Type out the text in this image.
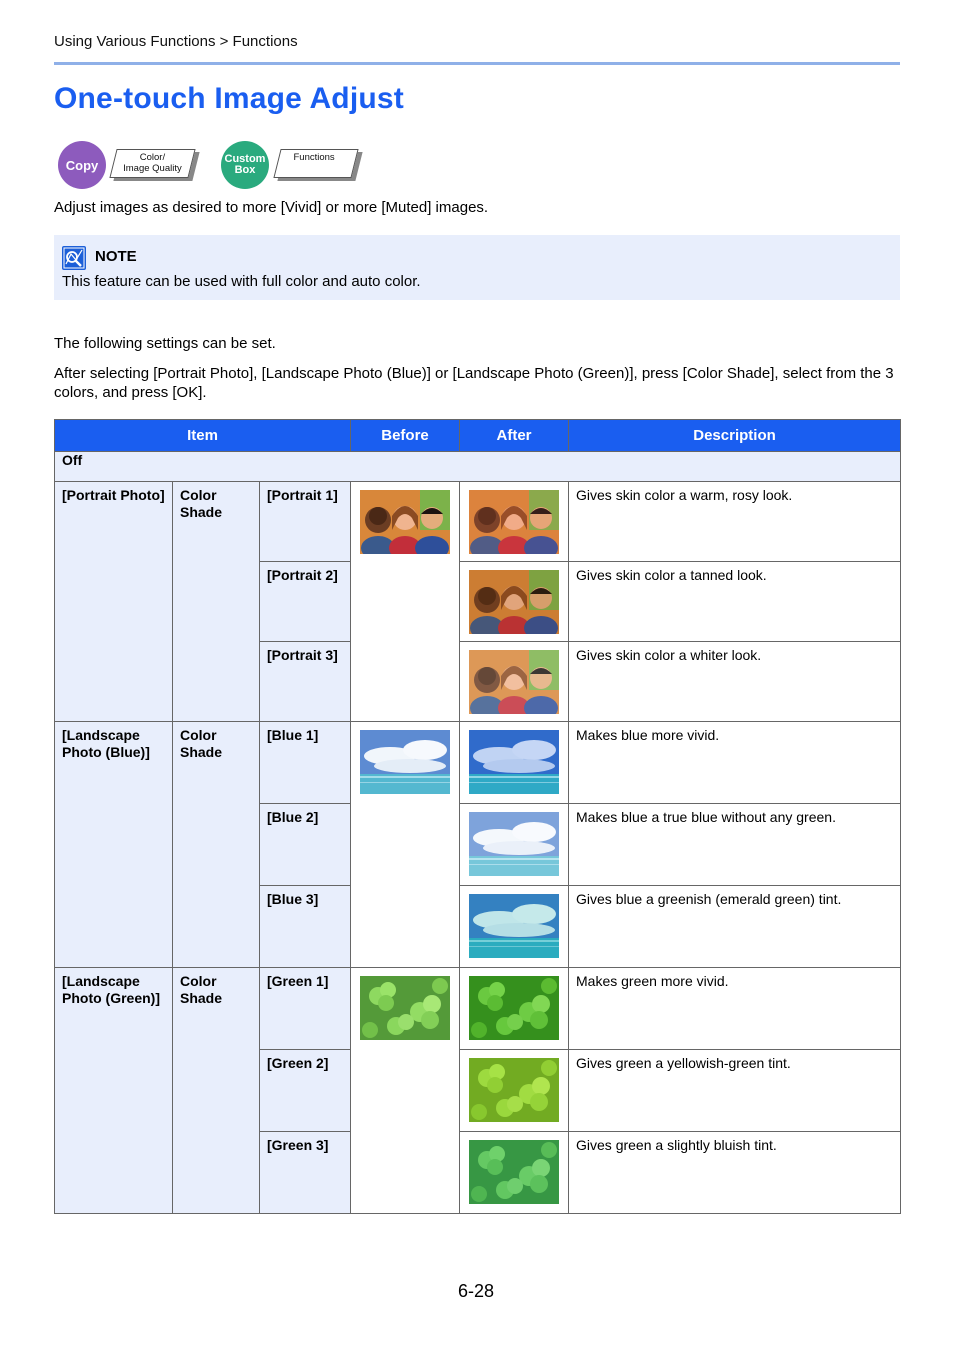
Using Various Functions > Functions
One-touch Image Adjust
Copy	Color/
Image Quality
Custom
Box
Functions
Adjust images as desired to more [Vivid] or more [Muted] images.
NOTE
This feature can be used with full color and auto color.
The following settings can be set.
After selecting [Portrait Photo], [Landscape Photo (Blue)] or [Landscape Photo (Green)], press [Color Shade], select from the 3 colors, and press [OK].
Item			Before	After	Description
Off					
[Portrait Photo]	Color Shade	[Portrait 1]			Gives skin color a warm, rosy look.
		[Portrait 2]			Gives skin color a tanned look.
		[Portrait 3]			Gives skin color a whiter look.
[Landscape Photo (Blue)]	Color Shade	[Blue 1]			Makes blue more vivid.
		[Blue 2]			Makes blue a true blue without any green.
		[Blue 3]			Gives blue a greenish (emerald green) tint.
[Landscape Photo (Green)]	Color Shade	[Green 1]			Makes green more vivid.
		[Green 2]			Gives green a yellowish-green tint.
		[Green 3]			Gives green a slightly bluish tint.
6-28
